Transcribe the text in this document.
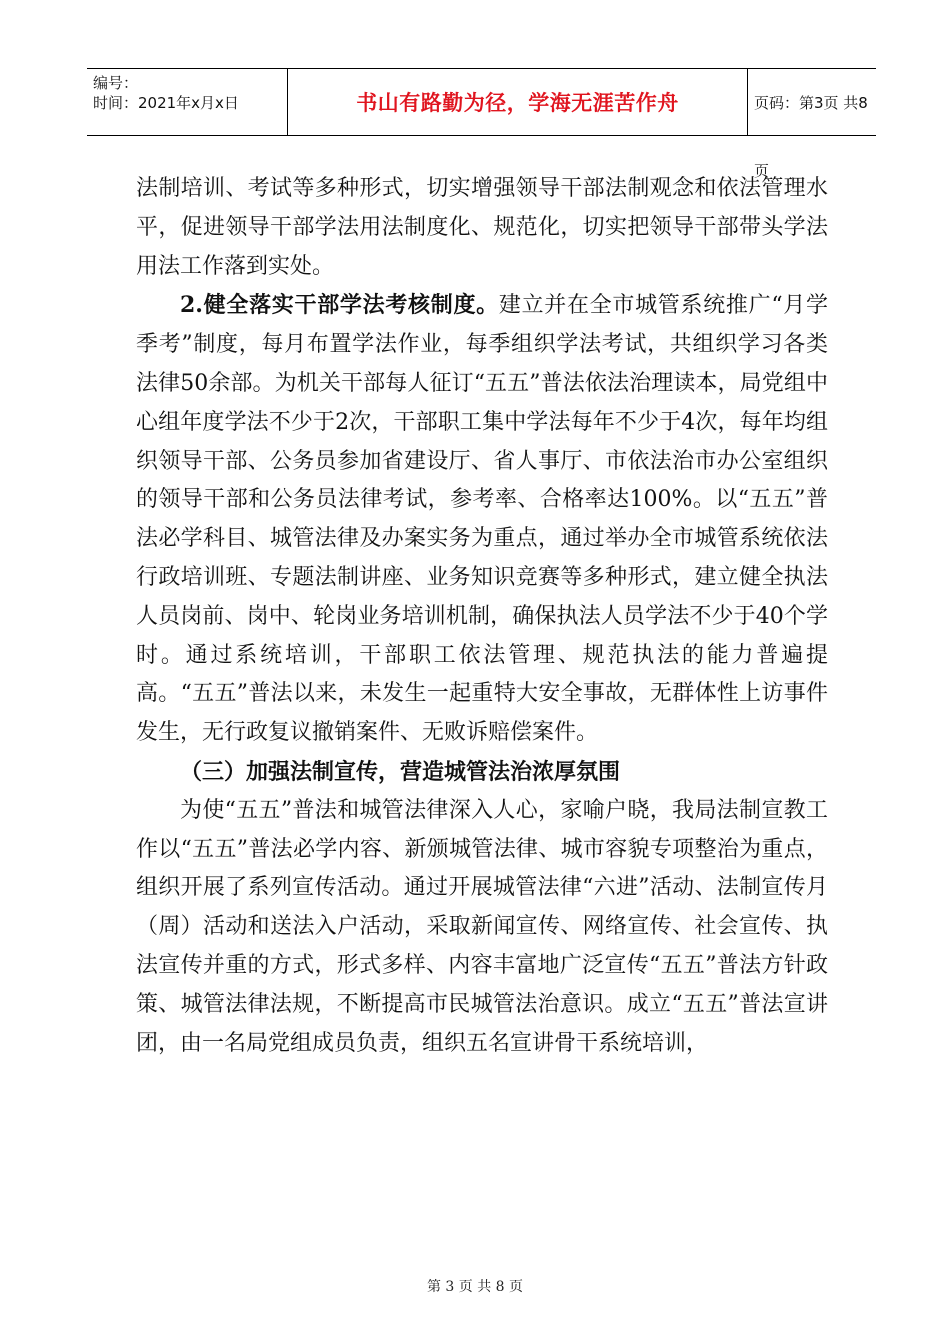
编号：
时间：2021年x月x日	书山有路勤为径，学海无涯苦作舟	页码：第3页 共8页

法制培训、考试等多种形式，切实增强领导干部法制观念和依法管理水平，促进领导干部学法用法制度化、规范化，切实把领导干部带头学法用法工作落到实处。

2.健全落实干部学法考核制度。建立并在全市城管系统推广“月学季考”制度，每月布置学法作业，每季组织学法考试，共组织学习各类法律50余部。为机关干部每人征订“五五”普法依法治理读本，局党组中心组年度学法不少于2次，干部职工集中学法每年不少于4次，每年均组织领导干部、公务员参加省建设厅、省人事厅、市依法治市办公室组织的领导干部和公务员法律考试，参考率、合格率达100%。以“五五”普法必学科目、城管法律及办案实务为重点，通过举办全市城管系统依法行政培训班、专题法制讲座、业务知识竞赛等多种形式，建立健全执法人员岗前、岗中、轮岗业务培训机制，确保执法人员学法不少于40个学时。通过系统培训，干部职工依法管理、规范执法的能力普遍提高。“五五”普法以来，未发生一起重特大安全事故，无群体性上访事件发生，无行政复议撤销案件、无败诉赔偿案件。

（三）加强法制宣传，营造城管法治浓厚氛围

为使“五五”普法和城管法律深入人心，家喻户晓，我局法制宣教工作以“五五”普法必学内容、新颁城管法律、城市容貌专项整治为重点，组织开展了系列宣传活动。通过开展城管法律“六进”活动、法制宣传月（周）活动和送法入户活动，采取新闻宣传、网络宣传、社会宣传、执法宣传并重的方式，形式多样、内容丰富地广泛宣传“五五”普法方针政策、城管法律法规，不断提高市民城管法治意识。成立“五五”普法宣讲团，由一名局党组成员负责，组织五名宣讲骨干系统培训，

第 3 页 共 8 页
